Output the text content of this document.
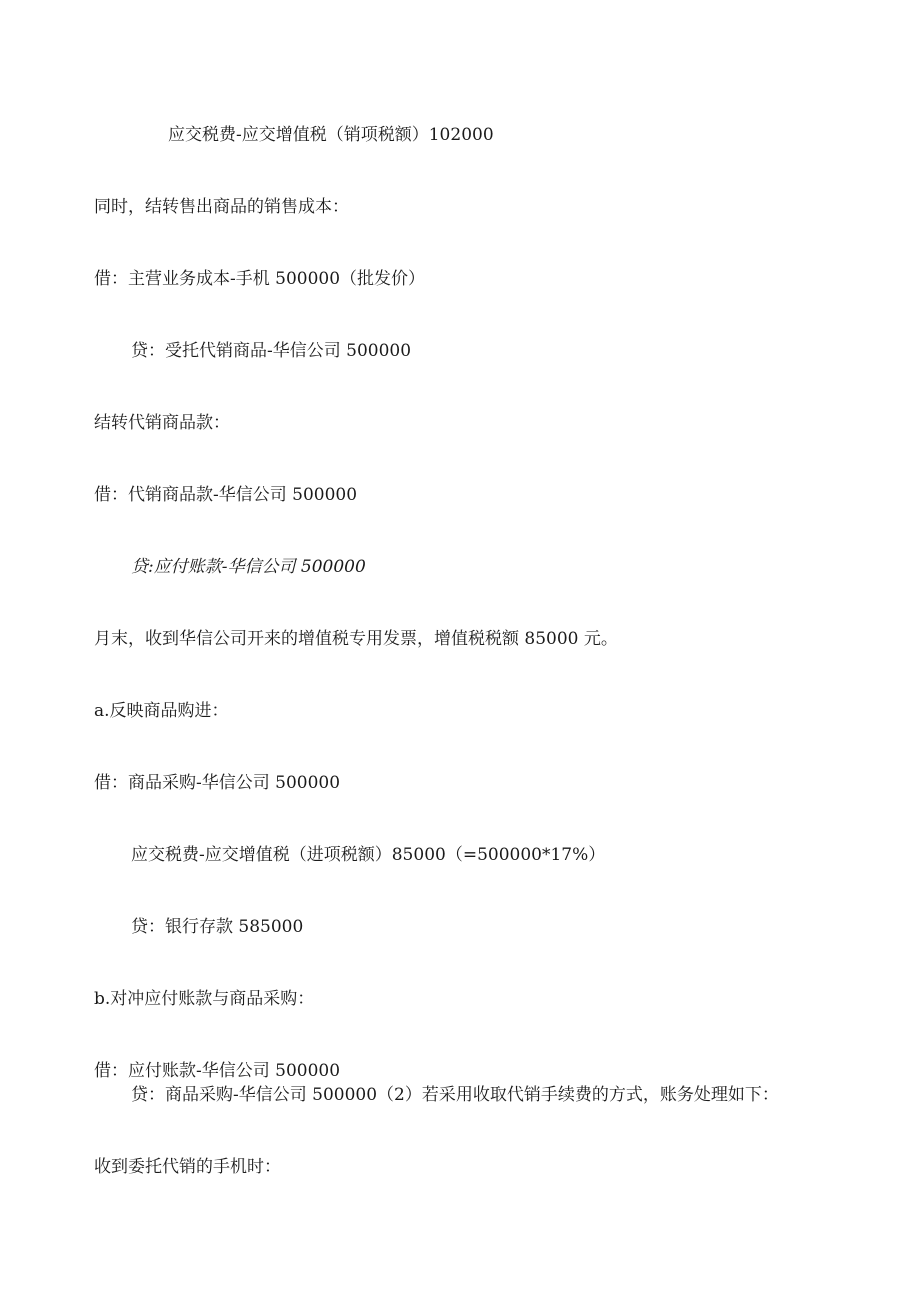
应交税费-应交增值税（销项税额）102000
同时，结转售出商品的销售成本：
借：主营业务成本-手机 500000（批发价）
贷：受托代销商品-华信公司 500000
结转代销商品款：
借：代销商品款-华信公司 500000
贷:应付账款-华信公司 500000
月末，收到华信公司开来的增值税专用发票，增值税税额 85000 元。
a.反映商品购进：
借：商品采购-华信公司 500000
应交税费-应交增值税（进项税额）85000（=500000*17%）
贷：银行存款 585000
b.对冲应付账款与商品采购：
借：应付账款-华信公司 500000
贷：商品采购-华信公司 500000（2）若采用收取代销手续费的方式，账务处理如下：
收到委托代销的手机时：
